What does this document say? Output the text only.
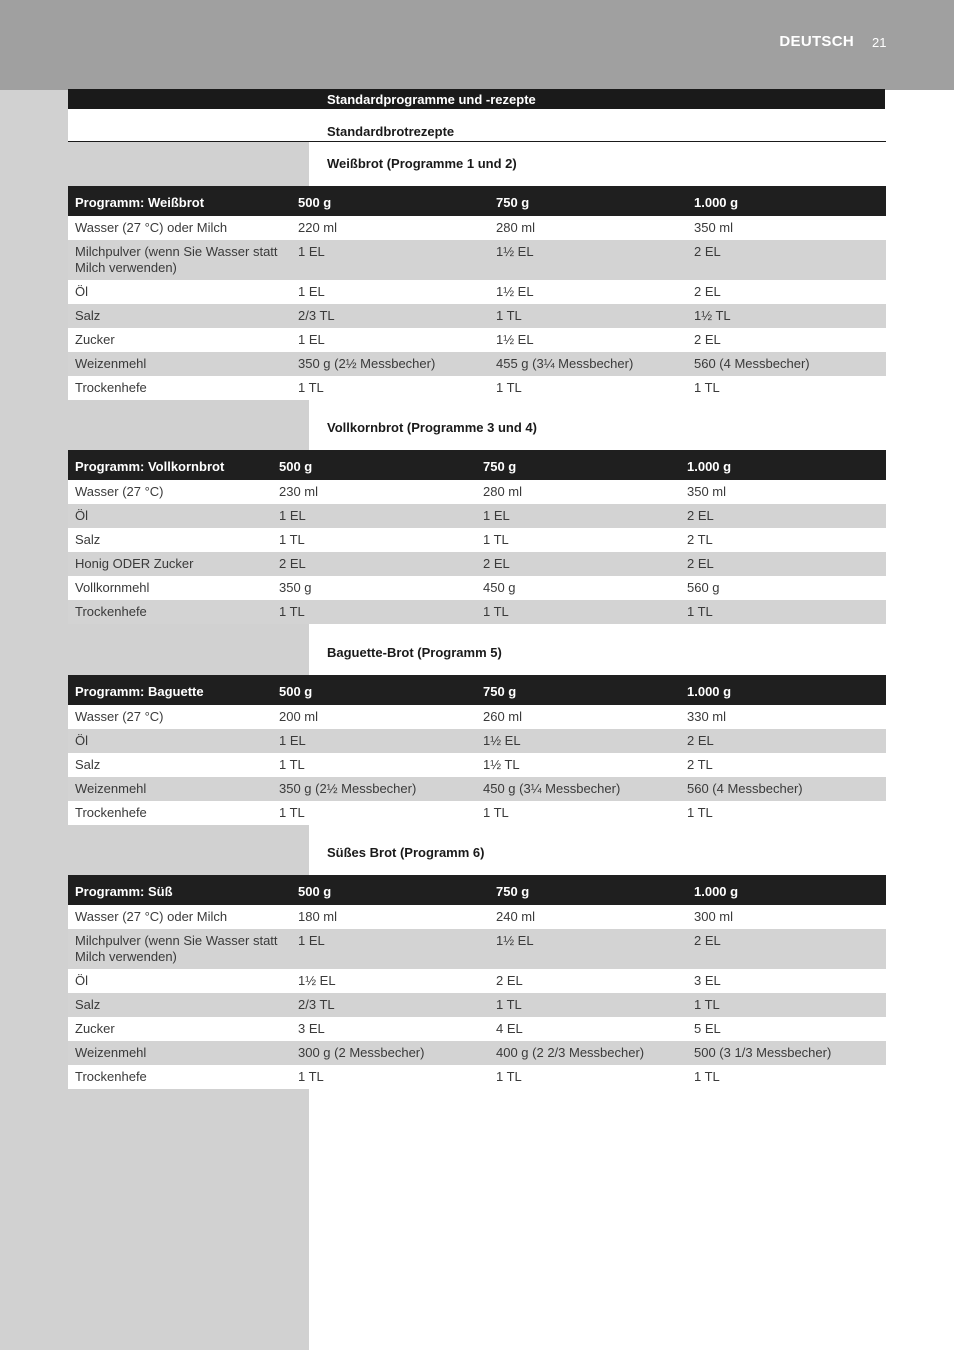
DEUTSCH 21
Standardprogramme und -rezepte
Standardbrotrezepte
Weißbrot (Programme 1 und 2)
Programm: Weißbrot	500 g	750 g	1.000 g
Wasser (27 °C) oder Milch	220 ml	280 ml	350 ml
Milchpulver (wenn Sie Wasser statt Milch verwenden)	1 EL	1½ EL	2 EL
Öl	1 EL	1½ EL	2 EL
Salz	2/3 TL	1 TL	1½ TL
Zucker	1 EL	1½ EL	2 EL
Weizenmehl	350 g (2½ Messbecher)	455 g (3¼ Messbecher)	560 (4 Messbecher)
Trockenhefe	1 TL	1 TL	1 TL
Vollkornbrot (Programme 3 und 4)
Programm: Vollkornbrot	500 g	750 g	1.000 g
Wasser (27 °C)	230 ml	280 ml	350 ml
Öl	1 EL	1 EL	2 EL
Salz	1 TL	1 TL	2 TL
Honig ODER Zucker	2 EL	2 EL	2 EL
Vollkornmehl	350 g	450 g	560 g
Trockenhefe	1 TL	1 TL	1 TL
Baguette-Brot (Programm 5)
Programm: Baguette	500 g	750 g	1.000 g
Wasser (27 °C)	200 ml	260 ml	330 ml
Öl	1 EL	1½ EL	2 EL
Salz	1 TL	1½ TL	2 TL
Weizenmehl	350 g (2½ Messbecher)	450 g (3¼ Messbecher)	560 (4 Messbecher)
Trockenhefe	1 TL	1 TL	1 TL
Süßes Brot (Programm 6)
Programm: Süß	500 g	750 g	1.000 g
Wasser (27 °C) oder Milch	180 ml	240 ml	300 ml
Milchpulver (wenn Sie Wasser statt Milch verwenden)	1 EL	1½ EL	2 EL
Öl	1½ EL	2 EL	3 EL
Salz	2/3 TL	1 TL	1 TL
Zucker	3 EL	4 EL	5 EL
Weizenmehl	300 g (2 Messbecher)	400 g (2 2/3 Messbecher)	500 (3 1/3 Messbecher)
Trockenhefe	1 TL	1 TL	1 TL
